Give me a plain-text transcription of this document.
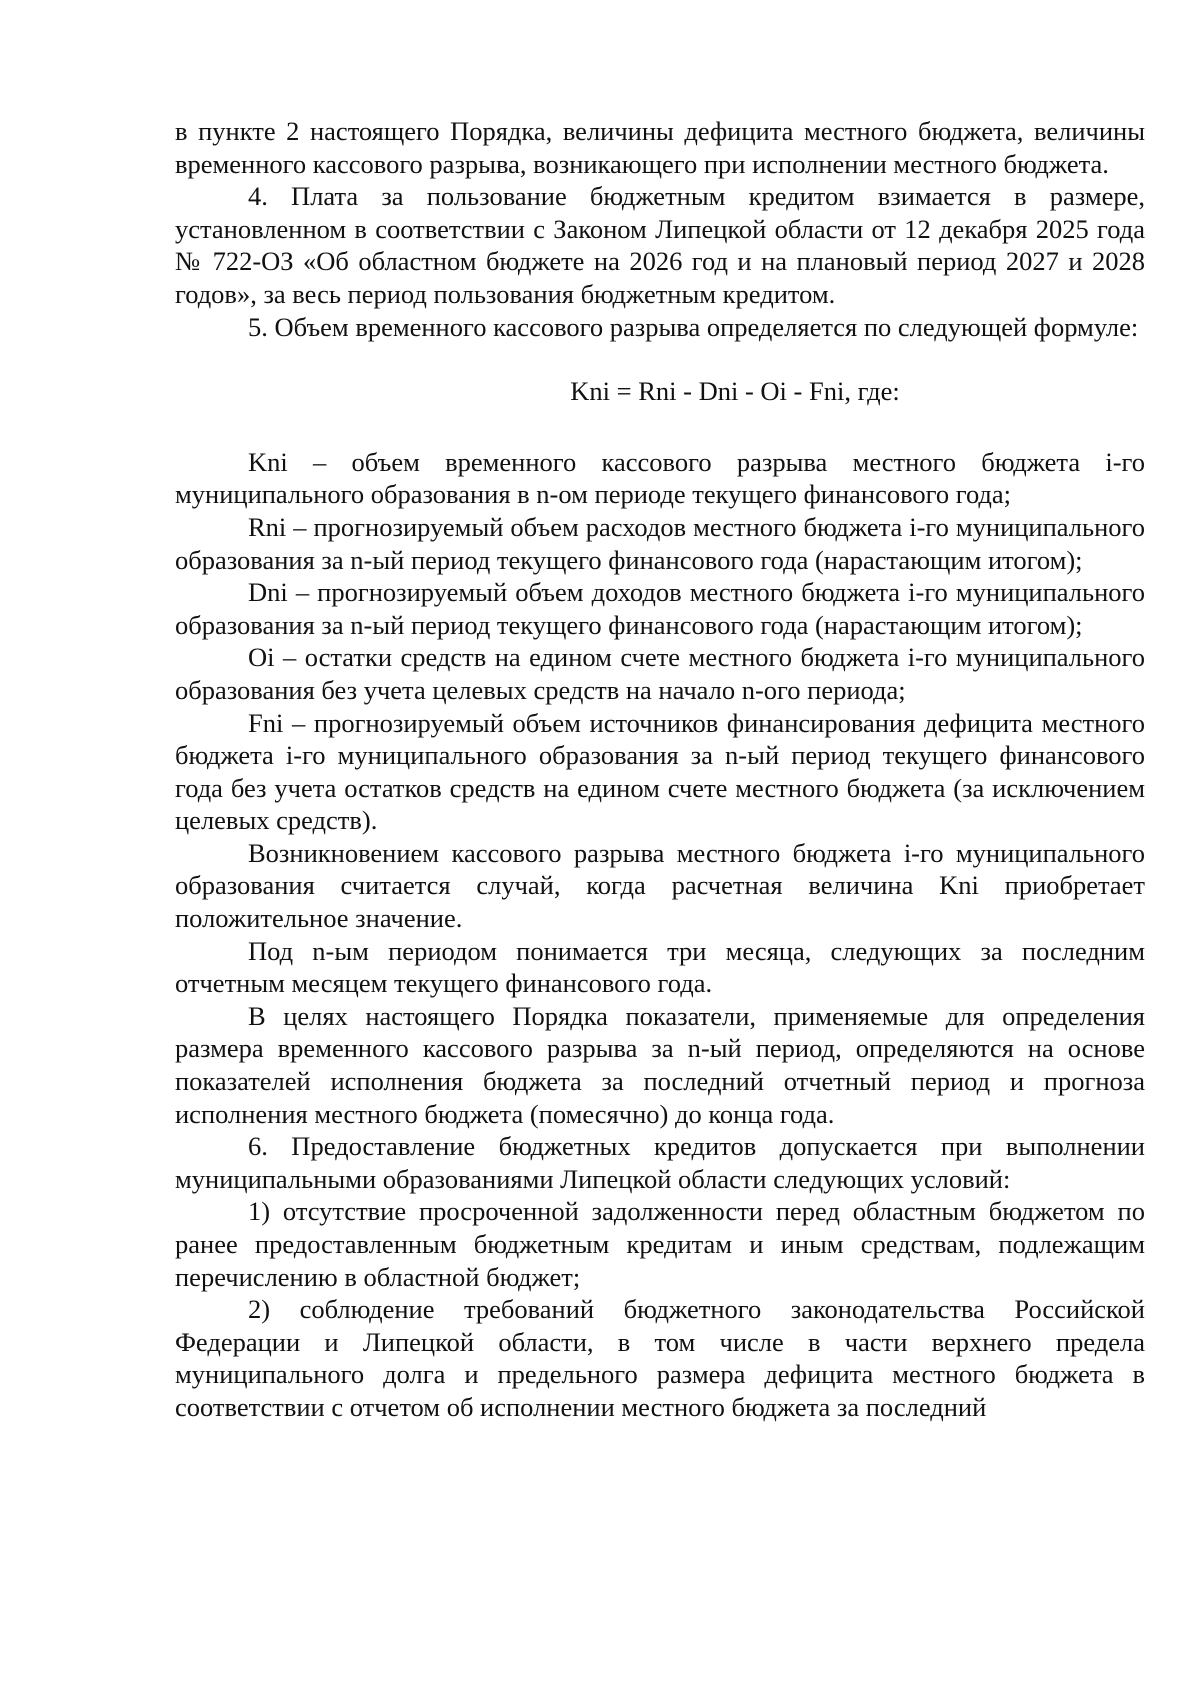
в пункте 2 настоящего Порядка, величины дефицита местного бюджета, величины временного кассового разрыва, возникающего при исполнении местного бюджета.

4. Плата за пользование бюджетным кредитом взимается в размере, установленном в соответствии с Законом Липецкой области от 12 декабря 2025 года № 722-ОЗ «Об областном бюджете на 2026 год и на плановый период 2027 и 2028 годов», за весь период пользования бюджетным кредитом.

5. Объем временного кассового разрыва определяется по следующей формуле:

Kni = Rni - Dni - Oi - Fni, где:

Kni – объем временного кассового разрыва местного бюджета i-го муниципального образования в n-ом периоде текущего финансового года;

Rni – прогнозируемый объем расходов местного бюджета i-го муниципального образования за n-ый период текущего финансового года (нарастающим итогом);

Dni – прогнозируемый объем доходов местного бюджета i-го муниципального образования за n-ый период текущего финансового года (нарастающим итогом);

Oi – остатки средств на едином счете местного бюджета i-го муниципального образования без учета целевых средств на начало n-ого периода;

Fni – прогнозируемый объем источников финансирования дефицита местного бюджета i-го муниципального образования за n-ый период текущего финансового года без учета остатков средств на едином счете местного бюджета (за исключением целевых средств).

Возникновением кассового разрыва местного бюджета i-го муниципального образования считается случай, когда расчетная величина Kni приобретает положительное значение.

Под n-ым периодом понимается три месяца, следующих за последним отчетным месяцем текущего финансового года.

В целях настоящего Порядка показатели, применяемые для определения размера временного кассового разрыва за n-ый период, определяются на основе показателей исполнения бюджета за последний отчетный период и прогноза исполнения местного бюджета (помесячно) до конца года.

6. Предоставление бюджетных кредитов допускается при выполнении муниципальными образованиями Липецкой области следующих условий:

1) отсутствие просроченной задолженности перед областным бюджетом по ранее предоставленным бюджетным кредитам и иным средствам, подлежащим перечислению в областной бюджет;

2) соблюдение требований бюджетного законодательства Российской Федерации и Липецкой области, в том числе в части верхнего предела муниципального долга и предельного размера дефицита местного бюджета в соответствии с отчетом об исполнении местного бюджета за последний
